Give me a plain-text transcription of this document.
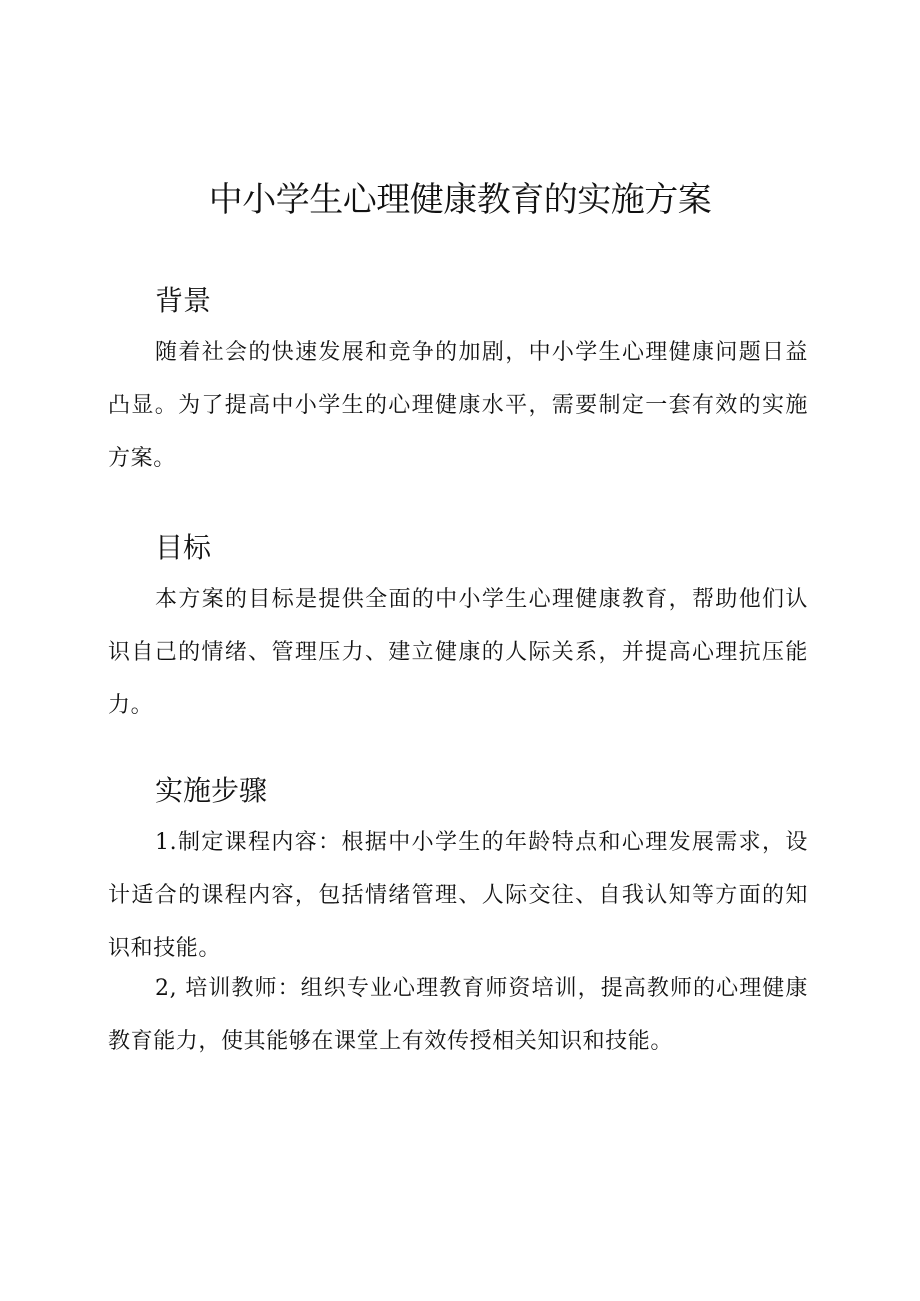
中小学生心理健康教育的实施方案
背景

随着社会的快速发展和竞争的加剧，中小学生心理健康问题日益凸显。为了提高中小学生的心理健康水平，需要制定一套有效的实施方案。

目标

本方案的目标是提供全面的中小学生心理健康教育，帮助他们认识自己的情绪、管理压力、建立健康的人际关系，并提高心理抗压能力。

实施步骤

1.制定课程内容：根据中小学生的年龄特点和心理发展需求，设计适合的课程内容，包括情绪管理、人际交往、自我认知等方面的知识和技能。

2, 培训教师：组织专业心理教育师资培训，提高教师的心理健康教育能力，使其能够在课堂上有效传授相关知识和技能。
